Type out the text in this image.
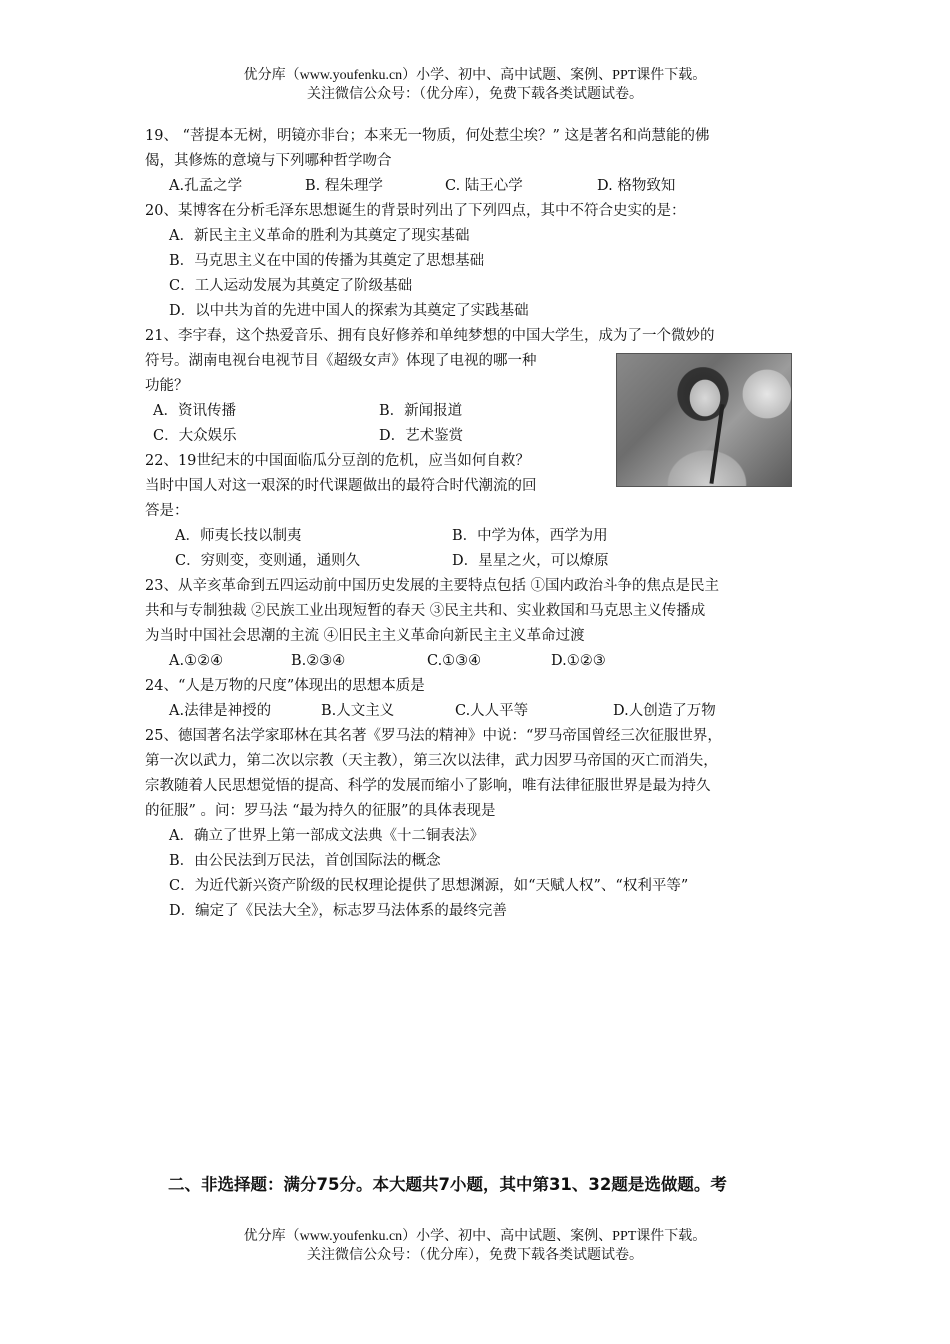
优分库（www.youfenku.cn）小学、初中、高中试题、案例、PPT课件下载。
关注微信公众号：（优分库），免费下载各类试题试卷。
19、 “菩提本无树，明镜亦非台；本来无一物质，何处惹尘埃？” 这是著名和尚慧能的佛
偈，其修炼的意境与下列哪种哲学吻合
A.孔孟之学	B. 程朱理学	C. 陆王心学	D. 格物致知
20、某博客在分析毛泽东思想诞生的背景时列出了下列四点，其中不符合史实的是：
A．新民主主义革命的胜利为其奠定了现实基础
B．马克思主义在中国的传播为其奠定了思想基础
C．工人运动发展为其奠定了阶级基础
D．以中共为首的先进中国人的探索为其奠定了实践基础
21、李宇春，这个热爱音乐、拥有良好修养和单纯梦想的中国大学生，成为了一个微妙的
符号。湖南电视台电视节目《超级女声》体现了电视的哪一种
功能？
A．资讯传播	B．新闻报道
C．大众娱乐	D．艺术鉴赏
22、19世纪末的中国面临瓜分豆剖的危机，应当如何自救？
当时中国人对这一艰深的时代课题做出的最符合时代潮流的回
答是：
A．师夷长技以制夷	B．中学为体，西学为用
C．穷则变，变则通，通则久	D．星星之火，可以燎原
23、从辛亥革命到五四运动前中国历史发展的主要特点包括 ①国内政治斗争的焦点是民主
共和与专制独裁 ②民族工业出现短暂的春天 ③民主共和、实业救国和马克思主义传播成
为当时中国社会思潮的主流 ④旧民主主义革命向新民主主义革命过渡
A.①②④	B.②③④	C.①③④	D.①②③
24、“人是万物的尺度”体现出的思想本质是
A.法律是神授的	B.人文主义	C.人人平等	D.人创造了万物
25、德国著名法学家耶林在其名著《罗马法的精神》中说：“罗马帝国曾经三次征服世界，
第一次以武力，第二次以宗教（天主教），第三次以法律，武力因罗马帝国的灭亡而消失，
宗教随着人民思想觉悟的提高、科学的发展而缩小了影响，唯有法律征服世界是最为持久
的征服” 。问：罗马法 “最为持久的征服”的具体表现是
A．确立了世界上第一部成文法典《十二铜表法》
B．由公民法到万民法，首创国际法的概念
C．为近代新兴资产阶级的民权理论提供了思想渊源，如“天赋人权”、“权利平等”
D．编定了《民法大全》，标志罗马法体系的最终完善
二、非选择题：满分75分。本大题共7小题，其中第31、32题是选做题。考
优分库（www.youfenku.cn）小学、初中、高中试题、案例、PPT课件下载。
关注微信公众号：（优分库），免费下载各类试题试卷。
